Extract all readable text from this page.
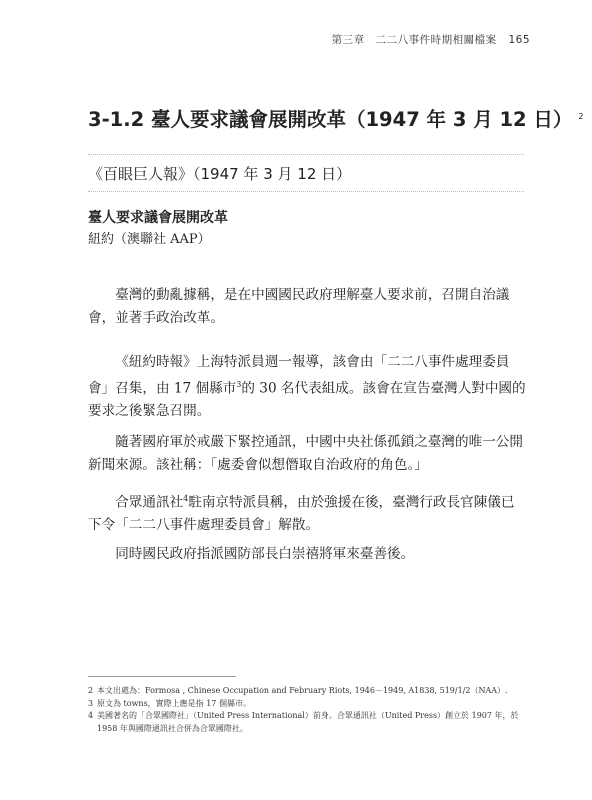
第三章　二二八事件時期相關檔案 165
3-1.2 臺人要求議會展開改革（1947 年 3 月 12 日） $^2$
《百眼巨人報》（1947 年 3 月 12 日）
臺人要求議會展開改革
紐約（澳聯社 AAP）

臺灣的動亂據稱，是在中國國民政府理解臺人要求前，召開自治議會，並著手政治改革。

《紐約時報》上海特派員週一報導，該會由「二二八事件處理委員會」召集，由 17 個縣市$^3$的 30 名代表組成。該會在宣告臺灣人對中國的要求之後緊急召開。

隨著國府軍於戒嚴下緊控通訊，中國中央社係孤鎖之臺灣的唯一公開新聞來源。該社稱：「處委會似想僭取自治政府的角色。」

合眾通訊社$^4$駐南京特派員稱，由於強援在後，臺灣行政長官陳儀已下令「二二八事件處理委員會」解散。

同時國民政府指派國防部長白崇禧將軍來臺善後。

2 本文出處為：Formosa , Chinese Occupation and February Riots, 1946－1949, A1838, 519/1/2（NAA）.

3 原文為 towns，實際上應是指 17 個縣市。

4 美國著名的「合眾國際社」（United Press International）前身。合眾通訊社（United Press）創立於 1907 年，於
1958 年與國際通訊社合併為合眾國際社。
